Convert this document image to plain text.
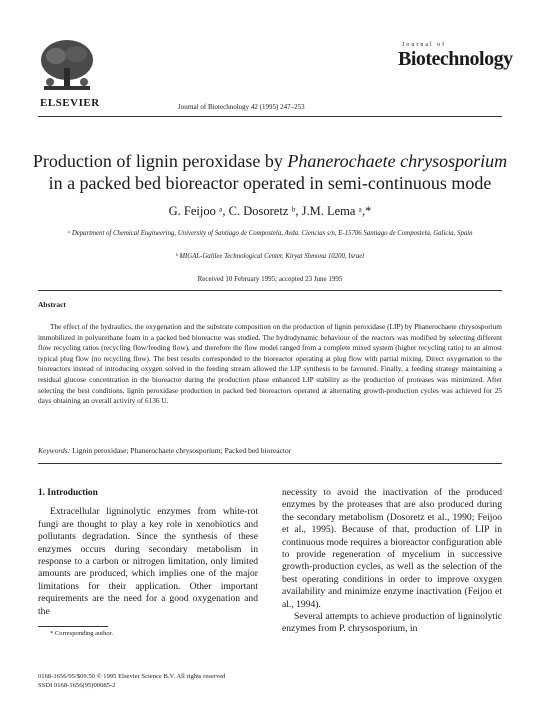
ELSEVIER	Journal of Biotechnology 42 (1995) 247–253
Journal of
Biotechnology
Production of lignin peroxidase by Phanerochaete chrysosporium
in a packed bed bioreactor operated in semi-continuous mode
G. Feijoo ᵃ, C. Dosoretz ᵇ, J.M. Lema ᵃ,*
ᵃ Department of Chemical Engineering, University of Santiago de Compostela, Avda. Ciencias s/n, E-15706 Santiago de Compostela, Galicia, Spain
ᵇ MIGAL-Galilee Technological Center, Kiryat Shmona 10200, Israel
Received 10 February 1995; accepted 23 June 1995
Abstract
The effect of the hydraulics, the oxygenation and the substrate composition on the production of lignin peroxidase (LIP) by Phanerochaete chrysosporium immobilized in polyurethane foam in a packed bed bioreactor was studied. The hydrodynamic behaviour of the reactors was modified by selecting different flow recycling ratios (recycling flow/feeding flow), and therefore the flow model ranged from a complete mixed system (higher recycling ratio) to an almost typical plug flow (no recycling flow). The best results corresponded to the bioreactor operating at plug flow with partial mixing. Direct oxygenation to the bioreactors instead of introducing oxygen solved in the feeding stream allowed the LIP synthesis to be favoured. Finally, a feeding strategy maintaining a residual glucose concentration in the bioreactor during the production phase enhanced LIP stability as the production of proteases was minimized. After selecting the best conditions, lignin peroxidase production in packed bed bioreactors operated at alternating growth-production cycles was achieved for 25 days obtaining an overall activity of 6136 U.
Keywords: Lignin peroxidase; Phanerochaete chrysosporium; Packed bed bioreactor
1. Introduction
Extracellular ligninolytic enzymes from white-rot fungi are thought to play a key role in xenobiotics and pollutants degradation. Since the synthesis of these enzymes occurs during secondary metabolism in response to a carbon or nitrogen limitation, only limited amounts are produced, which implies one of the major limitations for their application. Other important requirements are the need for a good oxygenation and the
* Corresponding author.
0168-1656/95/$09.50 © 1995 Elsevier Science B.V. All rights reserved
SSDI 0168-1656(95)00085-2
necessity to avoid the inactivation of the produced enzymes by the proteases that are also produced during the secondary metabolism (Dosoretz et al., 1990; Feijoo et al., 1995). Because of that, production of LIP in continuous mode requires a bioreactor configuration able to provide regeneration of mycelium in successive growth-production cycles, as well as the selection of the best operating conditions in order to improve oxygen availability and minimize enzyme inactivation (Feijoo et al., 1994).
Several attempts to achieve production of ligninolytic enzymes from P. chrysosporium, in
